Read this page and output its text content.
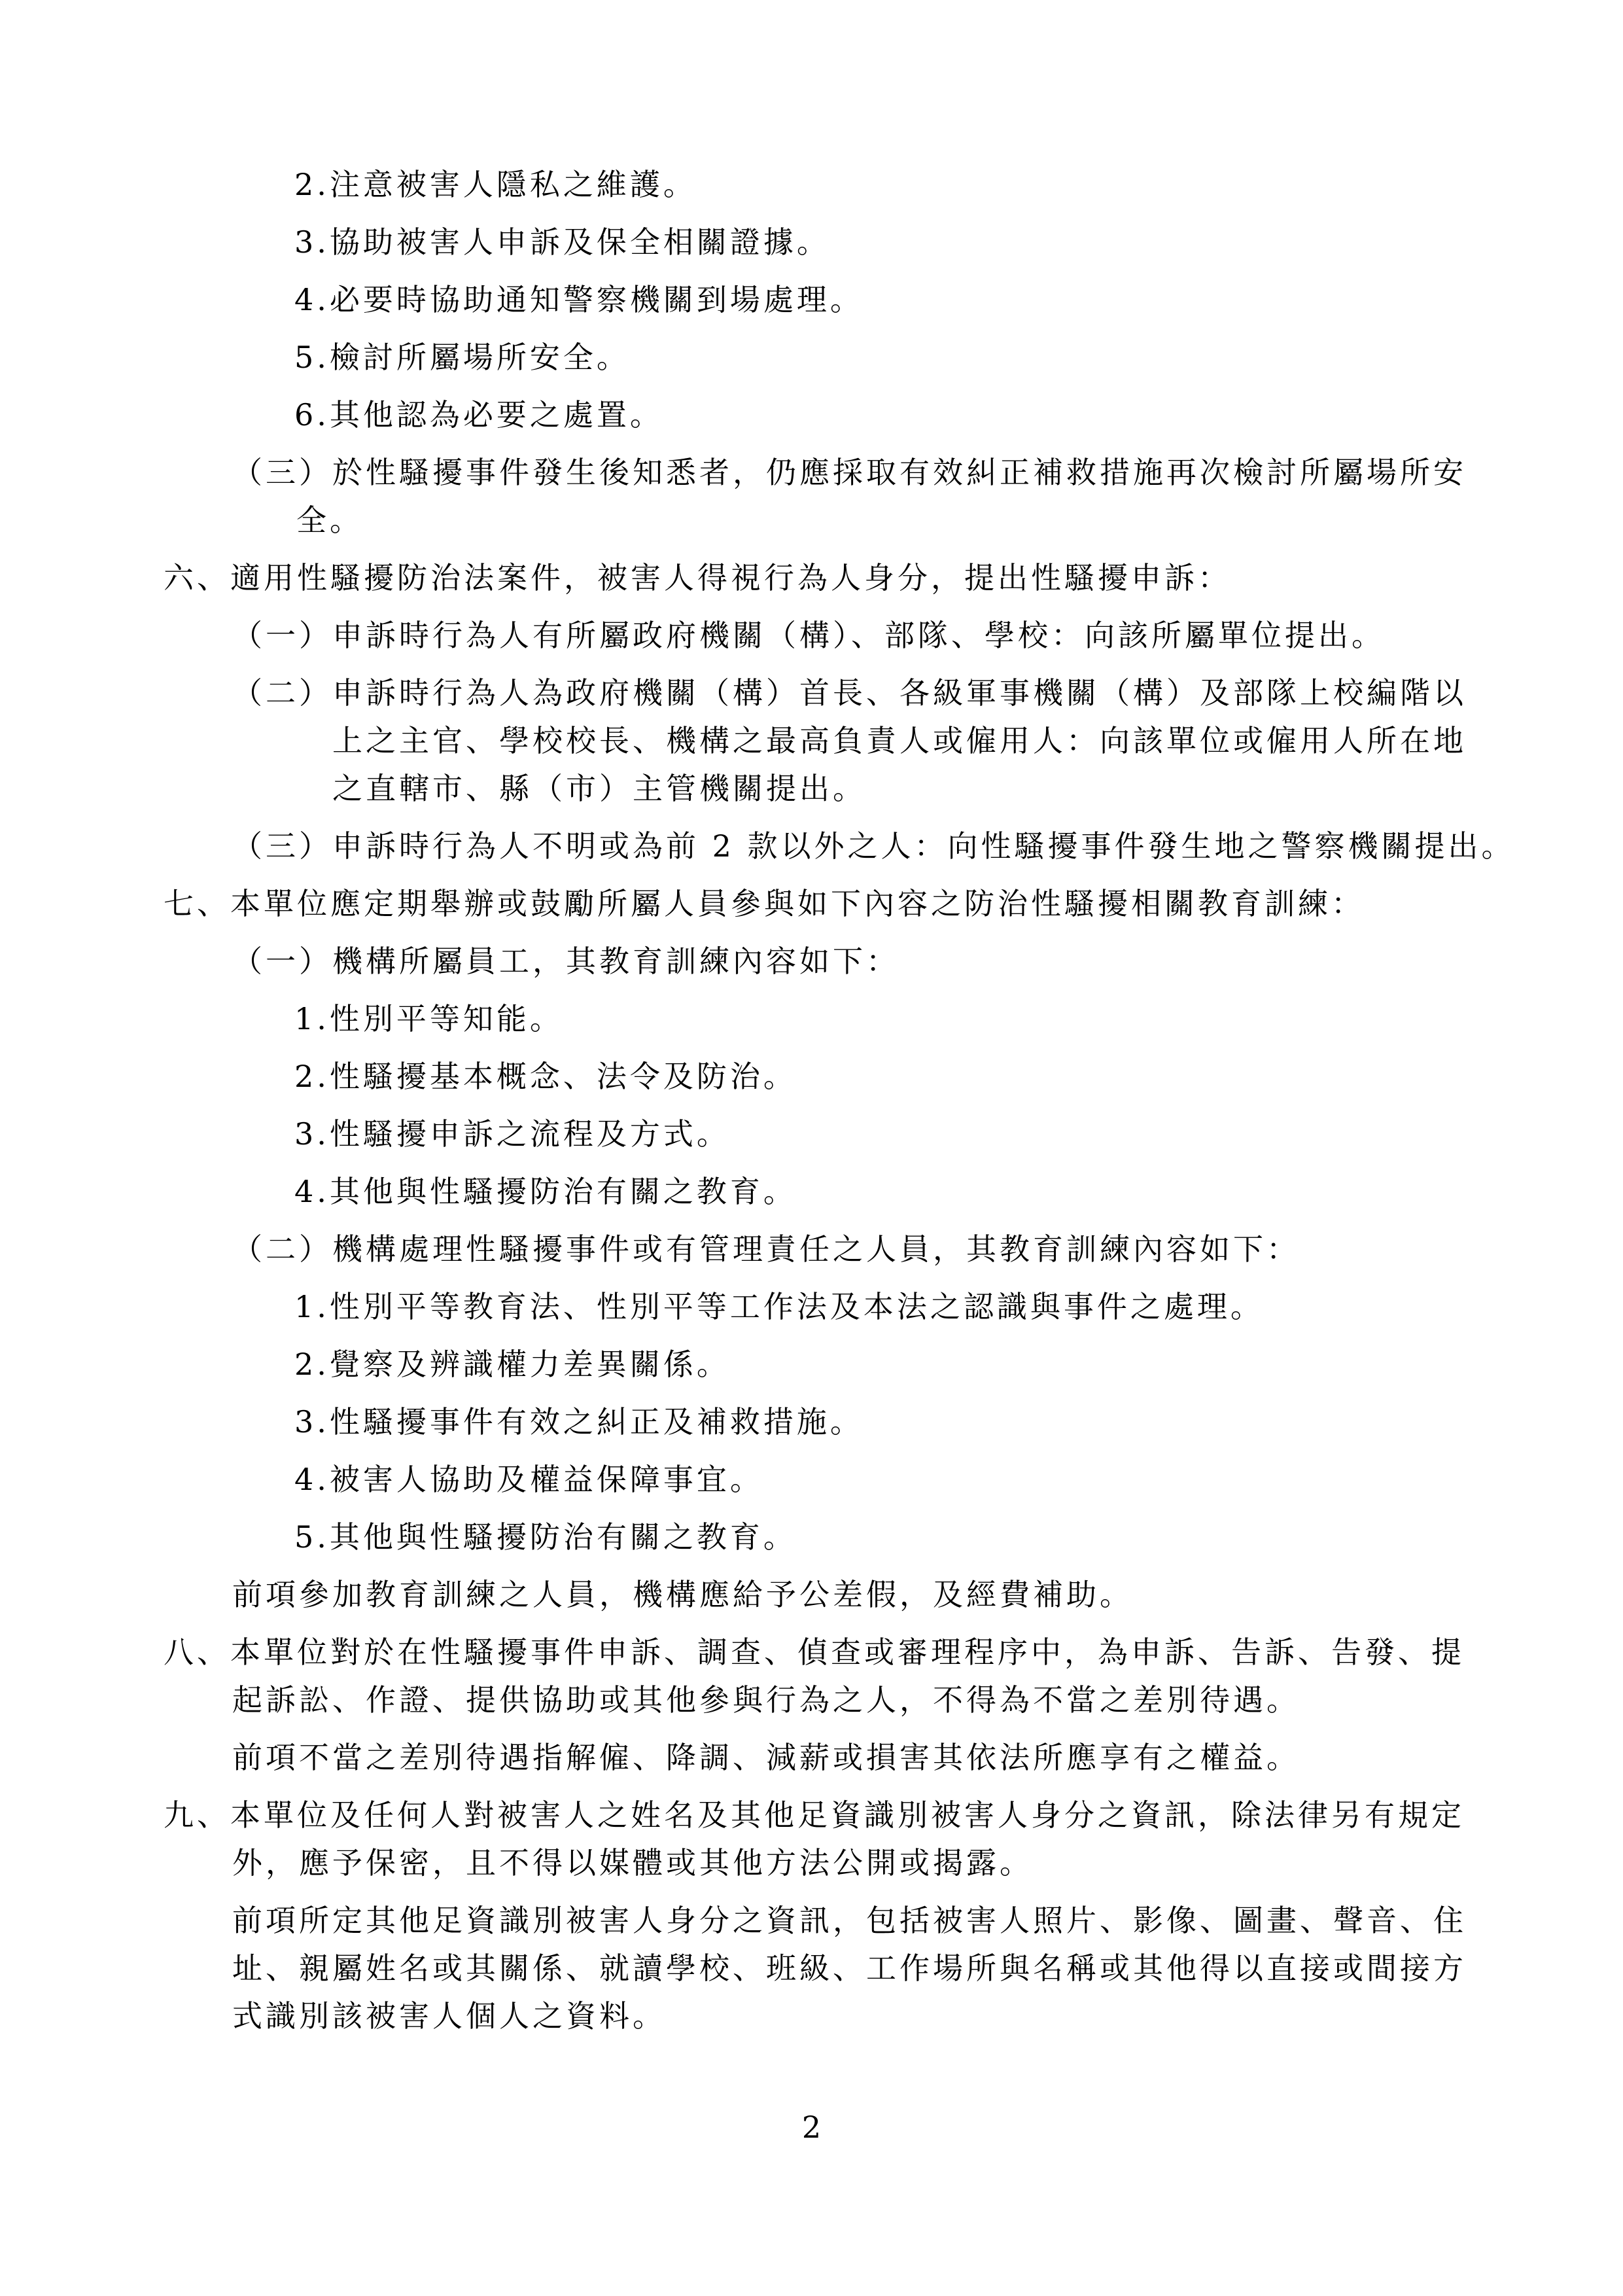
2.注意被害人隱私之維護。
3.協助被害人申訴及保全相關證據。
4.必要時協助通知警察機關到場處理。
5.檢討所屬場所安全。
6.其他認為必要之處置。
（三）於性騷擾事件發生後知悉者，仍應採取有效糾正補救措施再次檢討所屬場所安
全。
六、適用性騷擾防治法案件，被害人得視行為人身分，提出性騷擾申訴：
（一）申訴時行為人有所屬政府機關（構）、部隊、學校：向該所屬單位提出。
（二）申訴時行為人為政府機關（構）首長、各級軍事機關（構）及部隊上校編階以
上之主官、學校校長、機構之最高負責人或僱用人：向該單位或僱用人所在地
之直轄市、縣（市）主管機關提出。
（三）申訴時行為人不明或為前 2 款以外之人：向性騷擾事件發生地之警察機關提出。
七、本單位應定期舉辦或鼓勵所屬人員參與如下內容之防治性騷擾相關教育訓練：
（一）機構所屬員工，其教育訓練內容如下：
1.性別平等知能。
2.性騷擾基本概念、法令及防治。
3.性騷擾申訴之流程及方式。
4.其他與性騷擾防治有關之教育。
（二）機構處理性騷擾事件或有管理責任之人員，其教育訓練內容如下：
1.性別平等教育法、性別平等工作法及本法之認識與事件之處理。
2.覺察及辨識權力差異關係。
3.性騷擾事件有效之糾正及補救措施。
4.被害人協助及權益保障事宜。
5.其他與性騷擾防治有關之教育。
前項參加教育訓練之人員，機構應給予公差假，及經費補助。
八、本單位對於在性騷擾事件申訴、調查、偵查或審理程序中，為申訴、告訴、告發、提
起訴訟、作證、提供協助或其他參與行為之人，不得為不當之差別待遇。
前項不當之差別待遇指解僱、降調、減薪或損害其依法所應享有之權益。
九、本單位及任何人對被害人之姓名及其他足資識別被害人身分之資訊，除法律另有規定
外，應予保密，且不得以媒體或其他方法公開或揭露。
前項所定其他足資識別被害人身分之資訊，包括被害人照片、影像、圖畫、聲音、住
址、親屬姓名或其關係、就讀學校、班級、工作場所與名稱或其他得以直接或間接方
式識別該被害人個人之資料。
2
